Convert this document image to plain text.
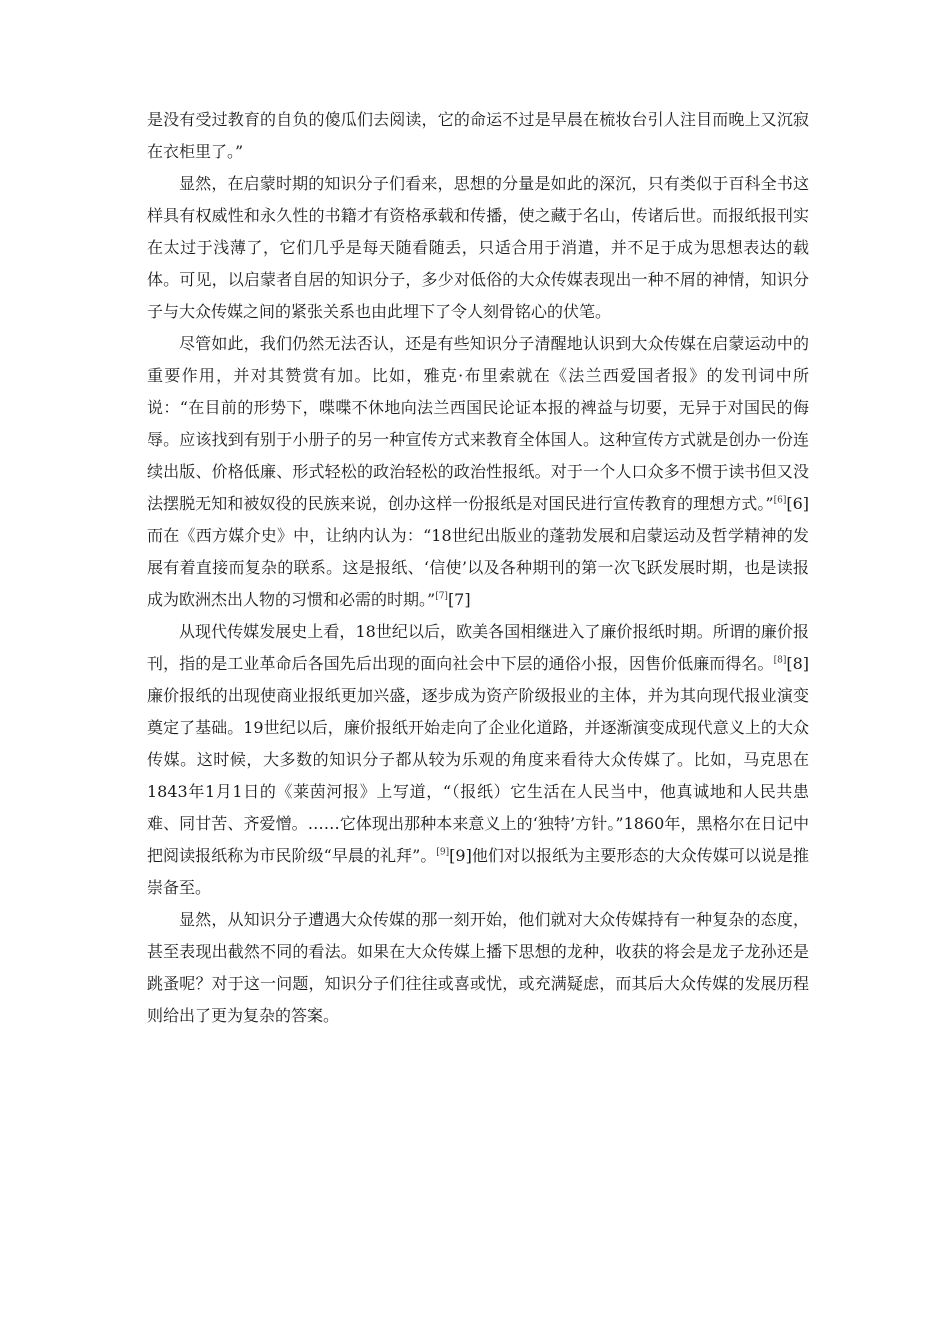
是没有受过教育的自负的傻瓜们去阅读，它的命运不过是早晨在梳妆台引人注目而晚上又沉寂在衣柜里了。”

显然，在启蒙时期的知识分子们看来，思想的分量是如此的深沉，只有类似于百科全书这样具有权威性和永久性的书籍才有资格承载和传播，使之藏于名山，传诸后世。而报纸报刊实在太过于浅薄了，它们几乎是每天随看随丢，只适合用于消遣，并不足于成为思想表达的载体。可见，以启蒙者自居的知识分子，多少对低俗的大众传媒表现出一种不屑的神情，知识分子与大众传媒之间的紧张关系也由此埋下了令人刻骨铭心的伏笔。

尽管如此，我们仍然无法否认，还是有些知识分子清醒地认识到大众传媒在启蒙运动中的重要作用，并对其赞赏有加。比如，雅克·布里索就在《法兰西爱国者报》的发刊词中所说：“在目前的形势下，喋喋不休地向法兰西国民论证本报的裨益与切要，无异于对国民的侮辱。应该找到有别于小册子的另一种宣传方式来教育全体国人。这种宣传方式就是创办一份连续出版、价格低廉、形式轻松的政治轻松的政治性报纸。对于一个人口众多不惯于读书但又没法摆脱无知和被奴役的民族来说，创办这样一份报纸是对国民进行宣传教育的理想方式。”[6][6]而在《西方媒介史》中，让纳内认为：“18世纪出版业的蓬勃发展和启蒙运动及哲学精神的发展有着直接而复杂的联系。这是报纸、‘信使’以及各种期刊的第一次飞跃发展时期，也是读报成为欧洲杰出人物的习惯和必需的时期。”[7][7]

从现代传媒发展史上看，18世纪以后，欧美各国相继进入了廉价报纸时期。所谓的廉价报刊，指的是工业革命后各国先后出现的面向社会中下层的通俗小报，因售价低廉而得名。[8][8]廉价报纸的出现使商业报纸更加兴盛，逐步成为资产阶级报业的主体，并为其向现代报业演变奠定了基础。19世纪以后，廉价报纸开始走向了企业化道路，并逐渐演变成现代意义上的大众传媒。这时候，大多数的知识分子都从较为乐观的角度来看待大众传媒了。比如，马克思在1843年1月1日的《莱茵河报》上写道，“（报纸）它生活在人民当中，他真诚地和人民共患难、同甘苦、齐爱憎。……它体现出那种本来意义上的‘独特’方针。”1860年，黑格尔在日记中把阅读报纸称为市民阶级“早晨的礼拜”。[9][9]他们对以报纸为主要形态的大众传媒可以说是推崇备至。

显然，从知识分子遭遇大众传媒的那一刻开始，他们就对大众传媒持有一种复杂的态度，甚至表现出截然不同的看法。如果在大众传媒上播下思想的龙种，收获的将会是龙子龙孙还是跳蚤呢？对于这一问题，知识分子们往往或喜或忧，或充满疑虑，而其后大众传媒的发展历程则给出了更为复杂的答案。
